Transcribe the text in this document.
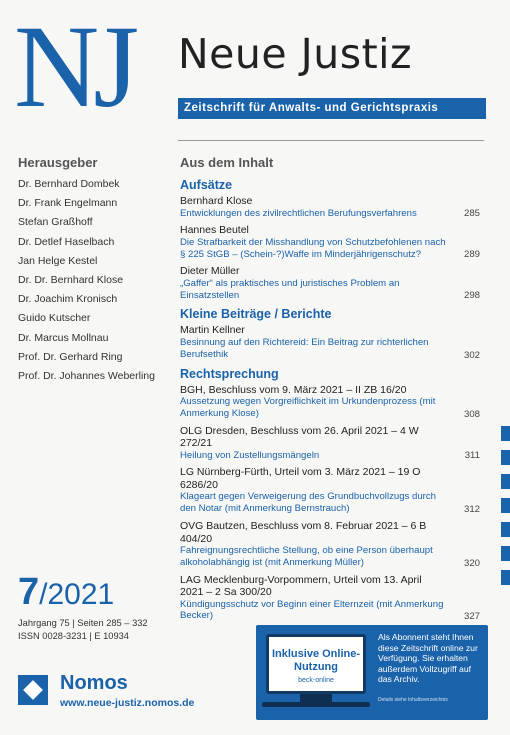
NJ Neue Justiz
Zeitschrift für Anwalts- und Gerichtspraxis
Herausgeber
Dr. Bernhard Dombek
Dr. Frank Engelmann
Stefan Graßhoff
Dr. Detlef Haselbach
Jan Helge Kestel
Dr. Dr. Bernhard Klose
Dr. Joachim Kronisch
Guido Kutscher
Dr. Marcus Mollnau
Prof. Dr. Gerhard Ring
Prof. Dr. Johannes Weberling
Aus dem Inhalt
Aufsätze
Bernhard Klose
Entwicklungen des zivilrechtlichen Berufungsverfahrens	285
Hannes Beutel
Die Strafbarkeit der Misshandlung von Schutzbefohlenen nach § 225 StGB – (Schein-?)Waffe im Minderjährigenschutz?	289
Dieter Müller
„Gaffer“ als praktisches und juristisches Problem an Einsatzstellen	298
Kleine Beiträge / Berichte
Martin Kellner
Besinnung auf den Richtereid: Ein Beitrag zur richterlichen Berufsethik	302
Rechtsprechung
BGH, Beschluss vom 9. März 2021 – II ZB 16/20
Aussetzung wegen Vorgreiflichkeit im Urkundenprozess (mit Anmerkung Klose)	308
OLG Dresden, Beschluss vom 26. April 2021 – 4 W 272/21
Heilung von Zustellungsmängeln	311
LG Nürnberg-Fürth, Urteil vom 3. März 2021 – 19 O 6286/20
Klageart gegen Verweigerung des Grundbuchvollzugs durch den Notar (mit Anmerkung Bernstrauch)	312
OVG Bautzen, Beschluss vom 8. Februar 2021 – 6 B 404/20
Fahreignungsrechtliche Stellung, ob eine Person überhaupt alkoholabhängig ist (mit Anmerkung Müller)	320
LAG Mecklenburg-Vorpommern, Urteil vom 13. April 2021 – 2 Sa 300/20
Kündigungsschutz vor Beginn einer Elternzeit (mit Anmerkung Becker)	327
7/2021
Jahrgang 75 | Seiten 285 – 332
ISSN 0028-3231 | E 10934
Nomos
www.neue-justiz.nomos.de
Inklusive Online-Nutzung
beck-online
Als Abonnent steht Ihnen diese Zeitschrift online zur Verfügung. Sie erhalten außerdem Vollzugriff auf das Archiv.
Details siehe Inhaltsverzeichnis
